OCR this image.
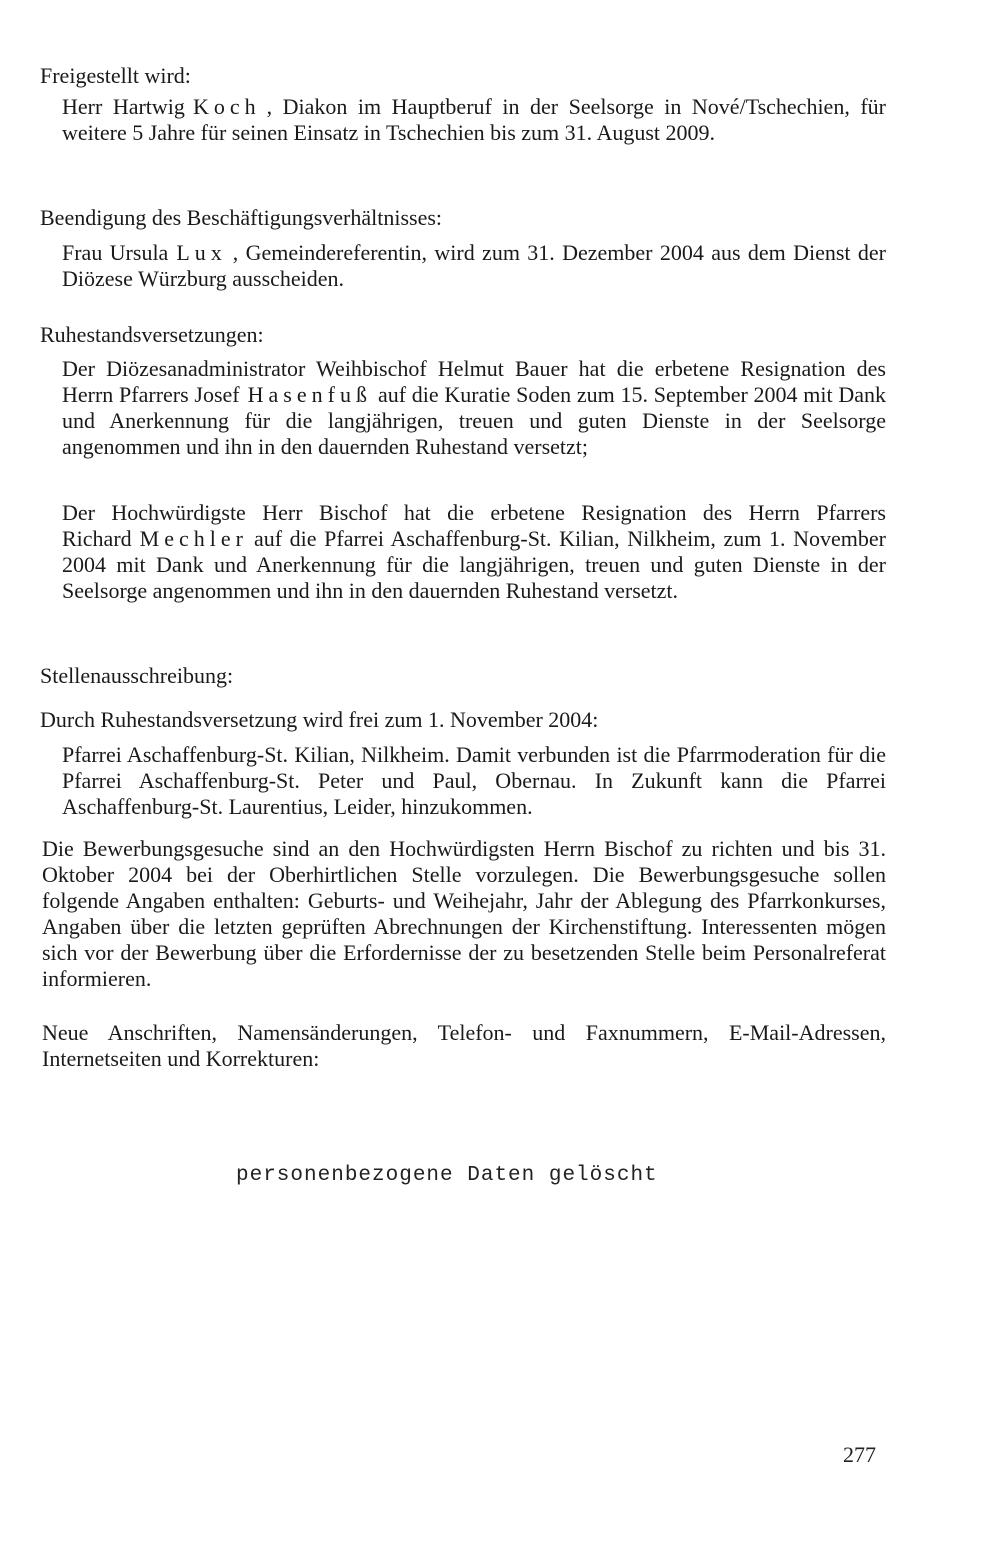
Freigestellt wird:
Herr Hartwig Koch , Diakon im Hauptberuf in der Seelsorge in Nové/Tschechien, für weitere 5 Jahre für seinen Einsatz in Tschechien bis zum 31. August 2009.
Beendigung des Beschäftigungsverhältnisses:
Frau Ursula Lux , Gemeindereferentin, wird zum 31. Dezember 2004 aus dem Dienst der Diözese Würzburg ausscheiden.
Ruhestandsversetzungen:
Der Diözesanadministrator Weihbischof Helmut Bauer hat die erbetene Resignation des Herrn Pfarrers Josef Hasenfuß auf die Kuratie Soden zum 15. September 2004 mit Dank und Anerkennung für die langjährigen, treuen und guten Dienste in der Seelsorge angenommen und ihn in den dauernden Ruhestand versetzt;
Der Hochwürdigste Herr Bischof hat die erbetene Resignation des Herrn Pfarrers Richard Mechler auf die Pfarrei Aschaffenburg-St. Kilian, Nilkheim, zum 1. November 2004 mit Dank und Anerkennung für die langjährigen, treuen und guten Dienste in der Seelsorge angenommen und ihn in den dauernden Ruhestand versetzt.
Stellenausschreibung:
Durch Ruhestandsversetzung wird frei zum 1. November 2004:
Pfarrei Aschaffenburg-St. Kilian, Nilkheim. Damit verbunden ist die Pfarrmoderation für die Pfarrei Aschaffenburg-St. Peter und Paul, Obernau. In Zukunft kann die Pfarrei Aschaffenburg-St. Laurentius, Leider, hinzukommen.
Die Bewerbungsgesuche sind an den Hochwürdigsten Herrn Bischof zu richten und bis 31. Oktober 2004 bei der Oberhirtlichen Stelle vorzulegen. Die Bewerbungsgesuche sollen folgende Angaben enthalten: Geburts- und Weihejahr, Jahr der Ablegung des Pfarrkonkurses, Angaben über die letzten geprüften Abrechnungen der Kirchenstiftung. Interessenten mögen sich vor der Bewerbung über die Erfordernisse der zu besetzenden Stelle beim Personalreferat informieren.
Neue Anschriften, Namensänderungen, Telefon- und Faxnummern, E-Mail-Adressen, Internetseiten und Korrekturen:
personenbezogene Daten gelöscht
277
